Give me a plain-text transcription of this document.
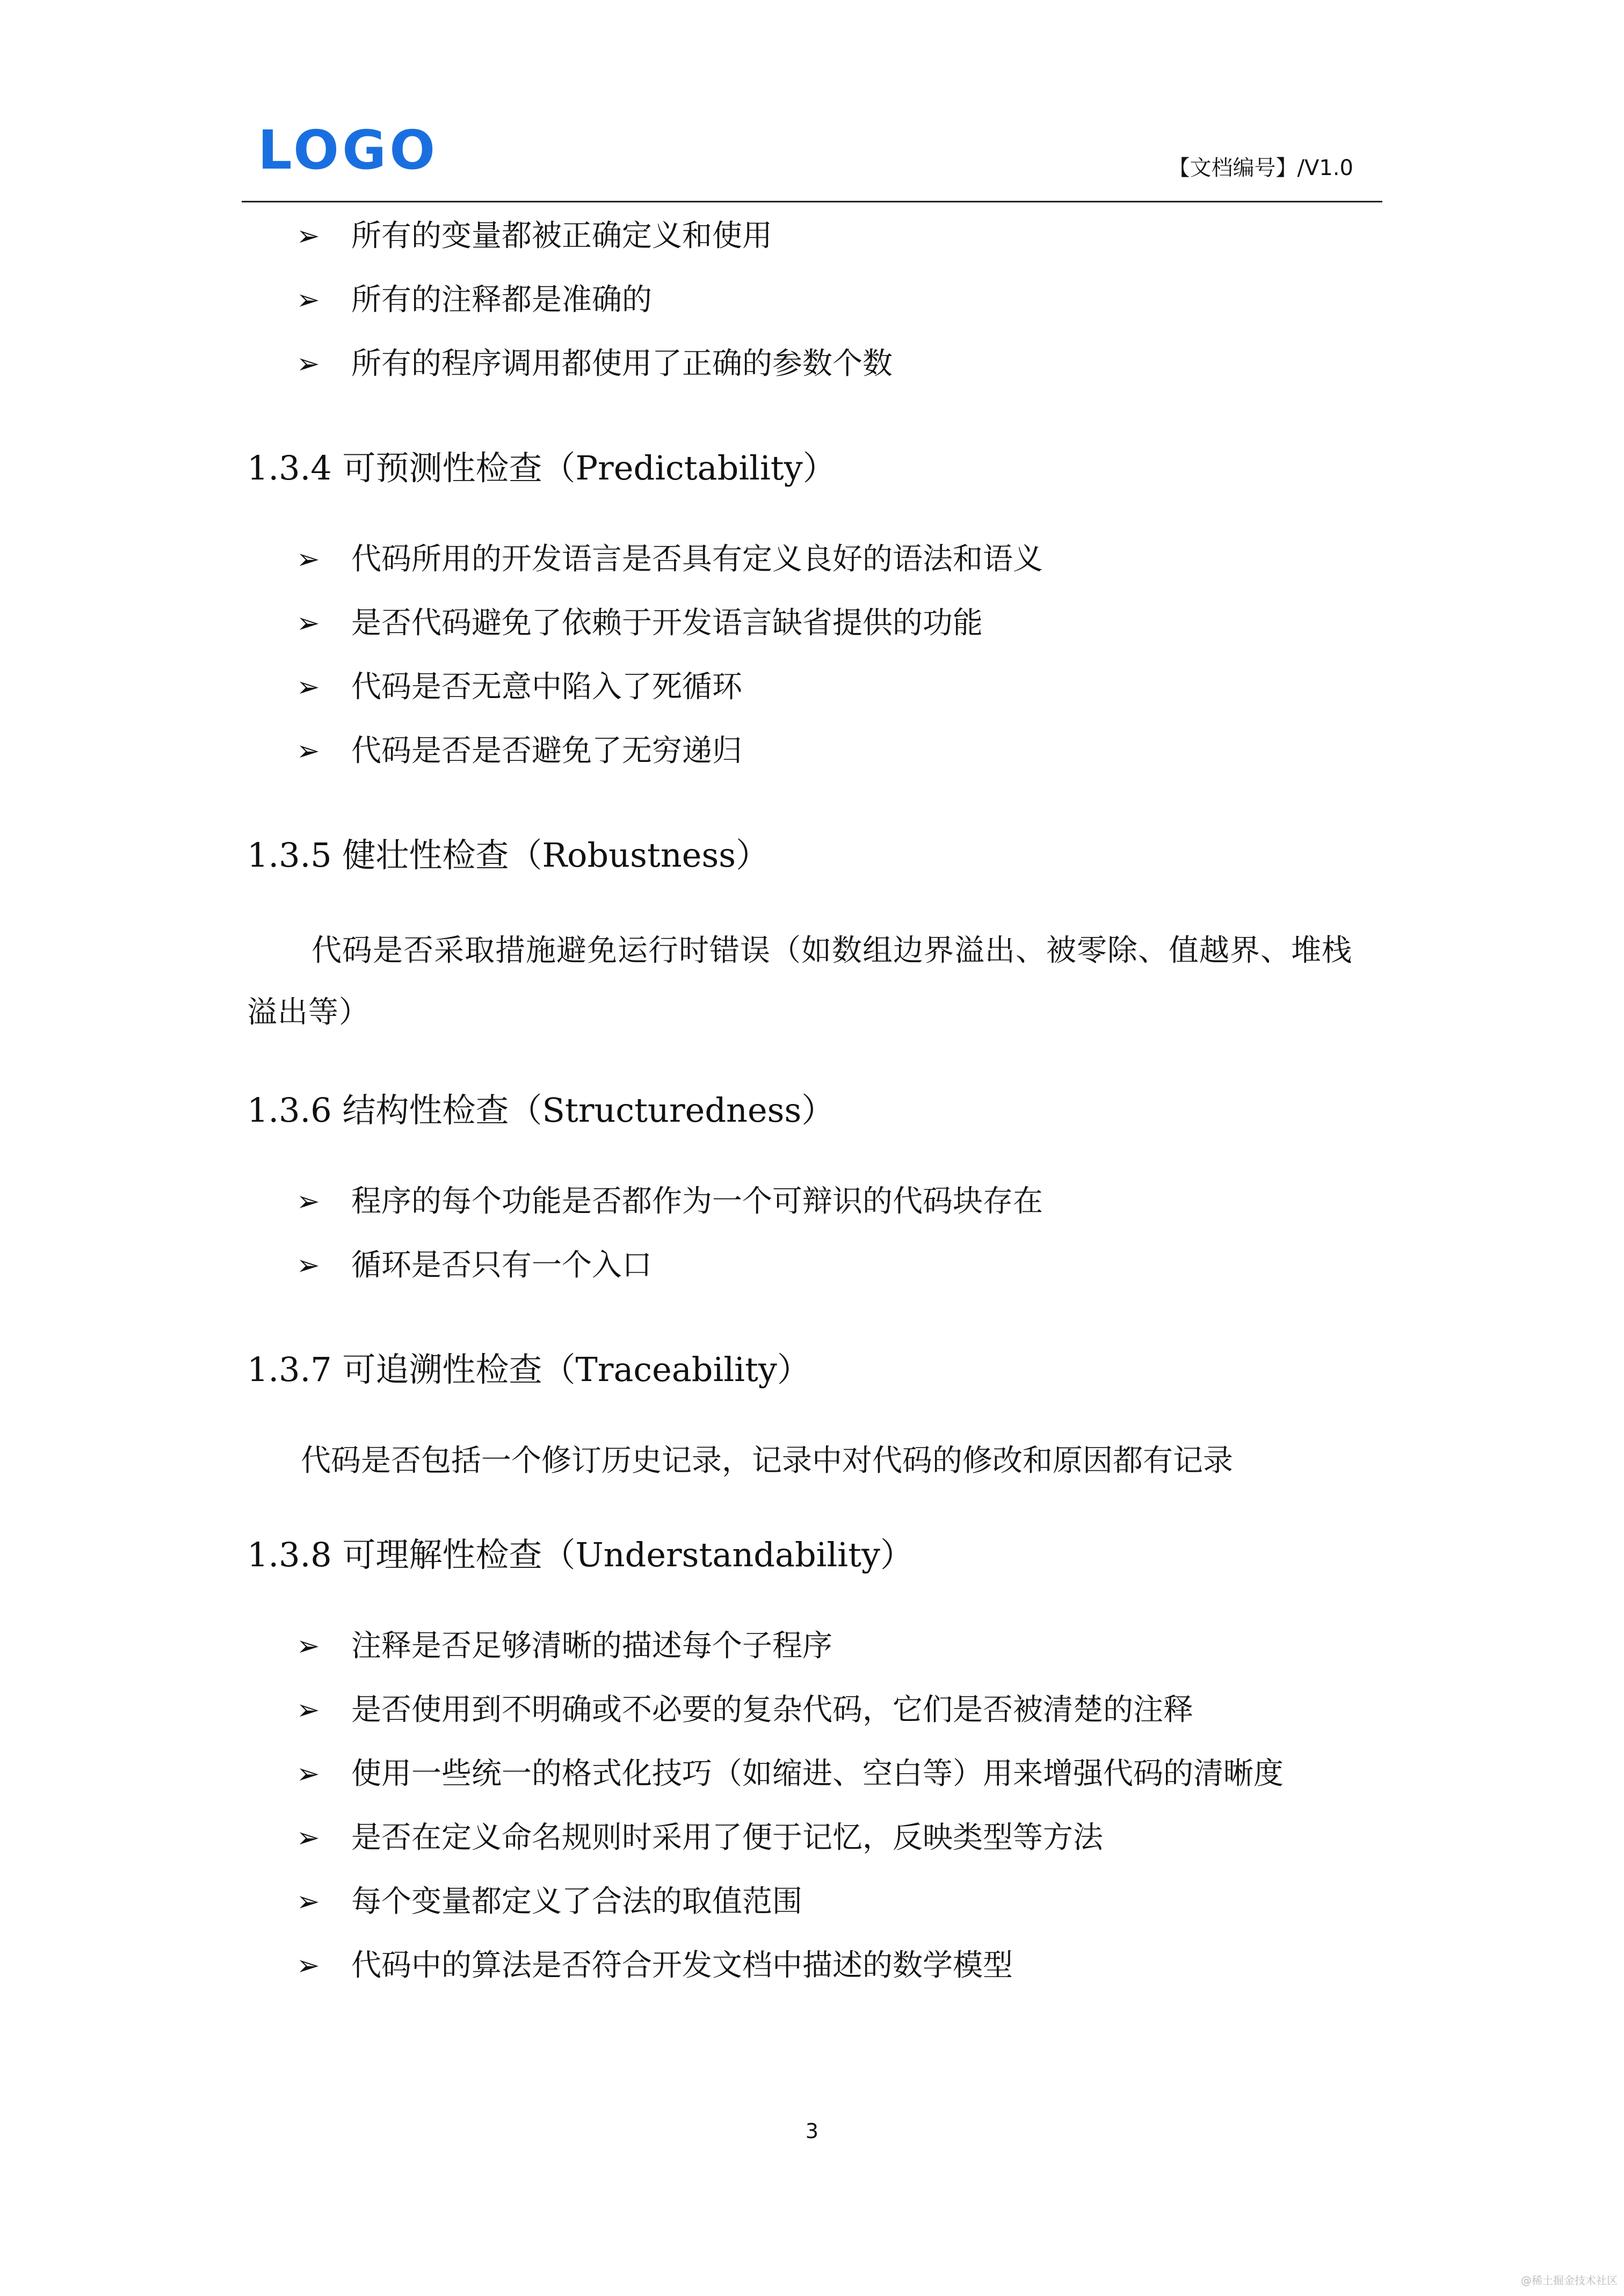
LOGO	【文档编号】/V1.0
➢ 所有的变量都被正确定义和使用
➢ 所有的注释都是准确的
➢ 所有的程序调用都使用了正确的参数个数
1.3.4 可预测性检查（Predictability）
➢ 代码所用的开发语言是否具有定义良好的语法和语义
➢ 是否代码避免了依赖于开发语言缺省提供的功能
➢ 代码是否无意中陷入了死循环
➢ 代码是否是否避免了无穷递归
1.3.5 健壮性检查（Robustness）

代码是否采取措施避免运行时错误（如数组边界溢出、被零除、值越界、堆栈溢出等）

1.3.6 结构性检查（Structuredness）
➢ 程序的每个功能是否都作为一个可辩识的代码块存在
➢ 循环是否只有一个入口
1.3.7 可追溯性检查（Traceability）

代码是否包括一个修订历史记录，记录中对代码的修改和原因都有记录

1.3.8 可理解性检查（Understandability）
➢ 注释是否足够清晰的描述每个子程序
➢ 是否使用到不明确或不必要的复杂代码，它们是否被清楚的注释
➢ 使用一些统一的格式化技巧（如缩进、空白等）用来增强代码的清晰度
➢ 是否在定义命名规则时采用了便于记忆，反映类型等方法
➢ 每个变量都定义了合法的取值范围
➢ 代码中的算法是否符合开发文档中描述的数学模型
3
@稀土掘金技术社区
